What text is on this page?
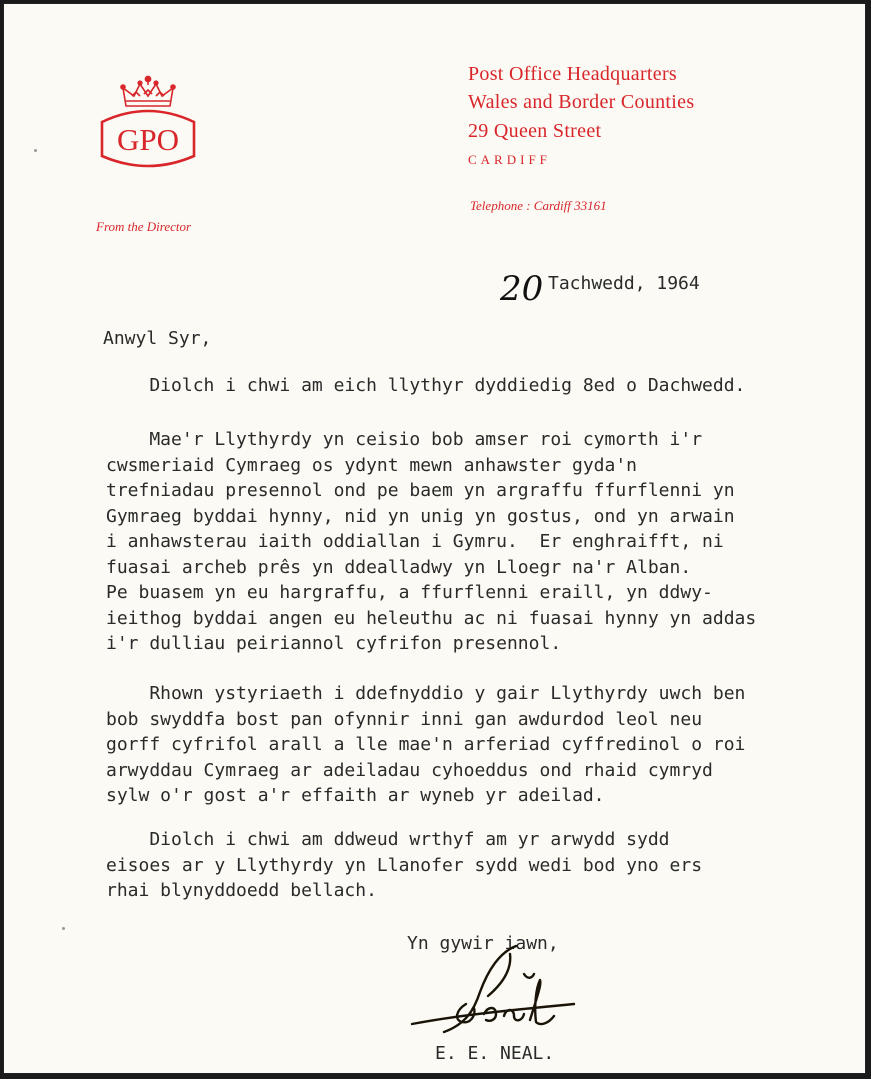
GPO
From the Director
Post Office Headquarters
Wales and Border Counties
29 Queen Street
CARDIFF
Telephone : Cardiff 33161
20 Tachwedd, 1964
Anwyl Syr,
Diolch i chwi am eich llythyr dyddiedig 8ed o Dachwedd.
Mae'r Llythyrdy yn ceisio bob amser roi cymorth i'r
cwsmeriaid Cymraeg os ydynt mewn anhawster gyda'n
trefniadau presennol ond pe baem yn argraffu ffurflenni yn
Gymraeg byddai hynny, nid yn unig yn gostus, ond yn arwain
i anhawsterau iaith oddiallan i Gymru.  Er enghraifft, ni
fuasai archeb prês yn ddealladwy yn Lloegr na'r Alban.
Pe buasem yn eu hargraffu, a ffurflenni eraill, yn ddwy-
ieithog byddai angen eu heleuthu ac ni fuasai hynny yn addas
i'r dulliau peiriannol cyfrifon presennol.
Rhown ystyriaeth i ddefnyddio y gair Llythyrdy uwch ben
bob swyddfa bost pan ofynnir inni gan awdurdod leol neu
gorff cyfrifol arall a lle mae'n arferiad cyffredinol o roi
arwyddau Cymraeg ar adeiladau cyhoeddus ond rhaid cymryd
sylw o'r gost a'r effaith ar wyneb yr adeilad.
Diolch i chwi am ddweud wrthyf am yr arwydd sydd
eisoes ar y Llythyrdy yn Llanofer sydd wedi bod yno ers
rhai blynyddoedd bellach.
Yn gywir iawn,
E. E. NEAL.
